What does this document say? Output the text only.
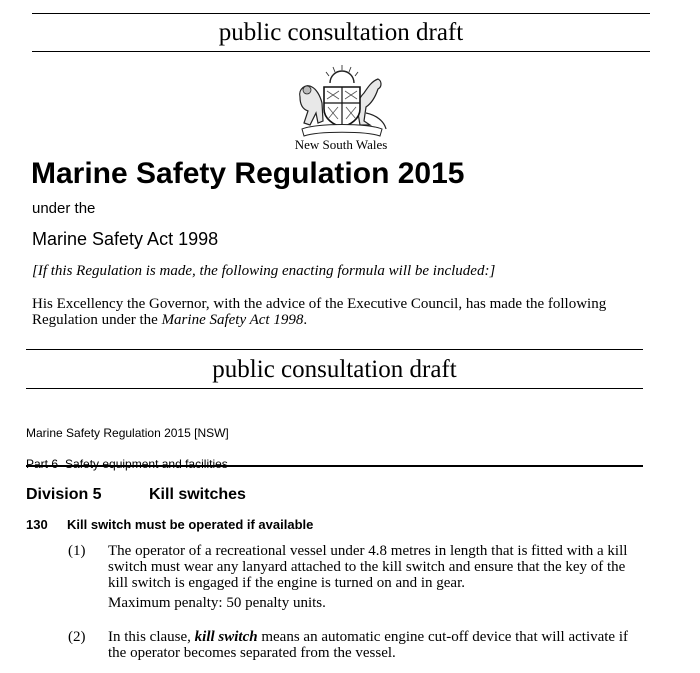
public consultation draft
New South Wales
Marine Safety Regulation 2015
under the
Marine Safety Act 1998
[If this Regulation is made, the following enacting formula will be included:]
His Excellency the Governor, with the advice of the Executive Council, has made the following Regulation under the Marine Safety Act 1998.
public consultation draft
Marine Safety Regulation 2015 [NSW]

Part 6 Safety equipment and facilities
Division 5	Kill switches
130 Kill switch must be operated if available
(1) The operator of a recreational vessel under 4.8 metres in length that is fitted with a kill switch must wear any lanyard attached to the kill switch and ensure that the key of the kill switch is engaged if the engine is turned on and in gear.
Maximum penalty: 50 penalty units.
(2) In this clause, kill switch means an automatic engine cut-off device that will activate if the operator becomes separated from the vessel.
